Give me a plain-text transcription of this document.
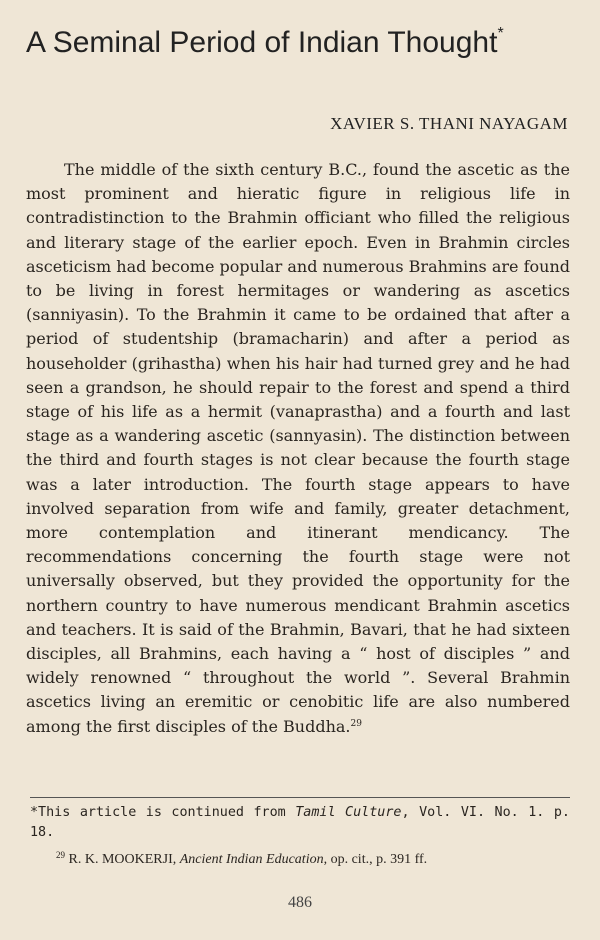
A Seminal Period of Indian Thought*
XAVIER S. THANI NAYAGAM

The middle of the sixth century B.C., found the ascetic as the most prominent and hieratic figure in religious life in contradistinction to the Brahmin officiant who filled the religious and literary stage of the earlier epoch. Even in Brahmin circles asceticism had become popular and numerous Brahmins are found to be living in forest hermitages or wandering as ascetics (sanniyasin). To the Brahmin it came to be ordained that after a period of studentship (bramacharin) and after a period as householder (grihastha) when his hair had turned grey and he had seen a grandson, he should repair to the forest and spend a third stage of his life as a hermit (vanaprastha) and a fourth and last stage as a wandering ascetic (sannyasin). The distinction between the third and fourth stages is not clear because the fourth stage was a later introduction. The fourth stage appears to have involved separation from wife and family, greater detachment, more contemplation and itinerant mendicancy. The recommendations concerning the fourth stage were not universally observed, but they provided the opportunity for the northern country to have numerous mendicant Brahmin ascetics and teachers. It is said of the Brahmin, Bavari, that he had sixteen disciples, all Brahmins, each having a “ host of disciples ” and widely renowned “ throughout the world ”. Several Brahmin ascetics living an eremitic or cenobitic life are also numbered among the first disciples of the Buddha.$^{29}$

*This article is continued from Tamil Culture, Vol. VI. No. 1. p. 18.

$^{29}$ R. K. MOOKERJI, Ancient Indian Education, op. cit., p. 391 ff.
486
